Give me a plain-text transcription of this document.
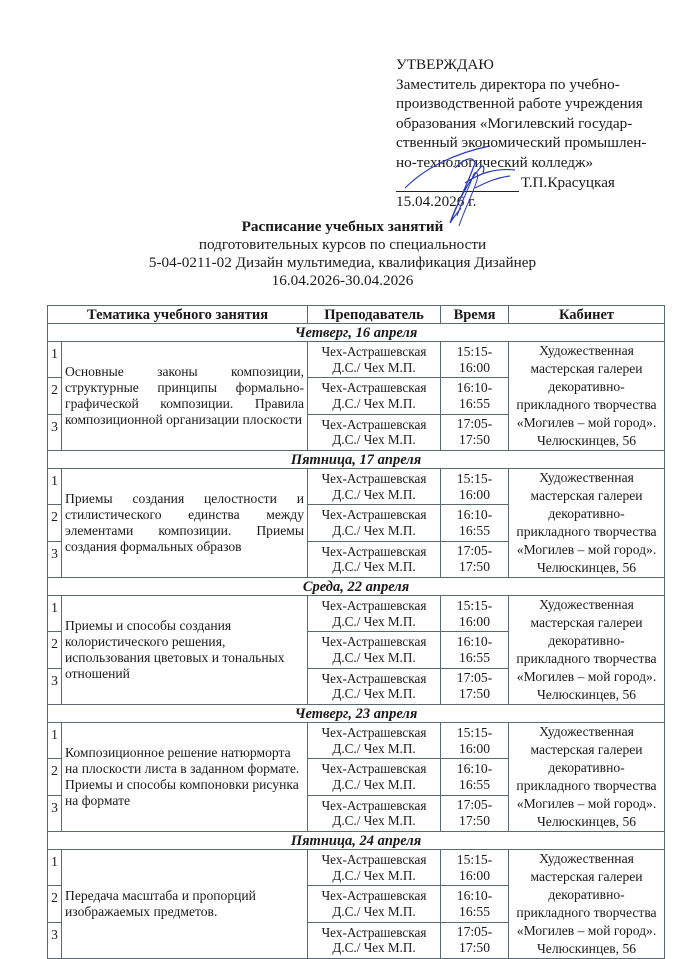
УТВЕРЖДАЮ
Заместитель директора по учебно-
производственной работе учреждения
образования «Могилевский государ-
ственный экономический промышлен-
но-технологический колледж»
Т.П.Красуцкая
15.04.2026 г.
Расписание учебных занятий
подготовительных курсов по специальности
5-04-0211-02 Дизайн мультимедиа, квалификация Дизайнер
16.04.2026-30.04.2026
Тематика учебного занятия		Преподаватель	Время	Кабинет
Четверг, 16 апреля				
1	Основные законы композиции, структурные принципы формально-графической композиции. Правила композиционной организации плоскости	Чех-Астрашевская Д.С./ Чех М.П.	15:15-16:00	Художественная мастерская галереи декоративно-прикладного творчества «Могилев – мой город». Челюскинцев, 56
2		Чех-Астрашевская Д.С./ Чех М.П.	16:10-16:55	
3		Чех-Астрашевская Д.С./ Чех М.П.	17:05-17:50	
Пятница, 17 апреля				
1	Приемы создания целостности и стилистического единства между элементами композиции. Приемы создания формальных образов	Чех-Астрашевская Д.С./ Чех М.П.	15:15-16:00	Художественная мастерская галереи декоративно-прикладного творчества «Могилев – мой город». Челюскинцев, 56
2		Чех-Астрашевская Д.С./ Чех М.П.	16:10-16:55	
3		Чех-Астрашевская Д.С./ Чех М.П.	17:05-17:50	
Среда, 22 апреля				
1	Приемы и способы создания колористического решения, использования цветовых и тональных отношений	Чех-Астрашевская Д.С./ Чех М.П.	15:15-16:00	Художественная мастерская галереи декоративно-прикладного творчества «Могилев – мой город». Челюскинцев, 56
2		Чех-Астрашевская Д.С./ Чех М.П.	16:10-16:55	
3		Чех-Астрашевская Д.С./ Чех М.П.	17:05-17:50	
Четверг, 23 апреля				
1	Композиционное решение натюрморта на плоскости листа в заданном формате. Приемы и способы компоновки рисунка на формате	Чех-Астрашевская Д.С./ Чех М.П.	15:15-16:00	Художественная мастерская галереи декоративно-прикладного творчества «Могилев – мой город». Челюскинцев, 56
2		Чех-Астрашевская Д.С./ Чех М.П.	16:10-16:55	
3		Чех-Астрашевская Д.С./ Чех М.П.	17:05-17:50	
Пятница, 24 апреля				
1	Передача масштаба и пропорций изображаемых предметов.	Чех-Астрашевская Д.С./ Чех М.П.	15:15-16:00	Художественная мастерская галереи декоративно-прикладного творчества «Могилев – мой город». Челюскинцев, 56
2		Чех-Астрашевская Д.С./ Чех М.П.	16:10-16:55	
3		Чех-Астрашевская Д.С./ Чех М.П.	17:05-17:50	
